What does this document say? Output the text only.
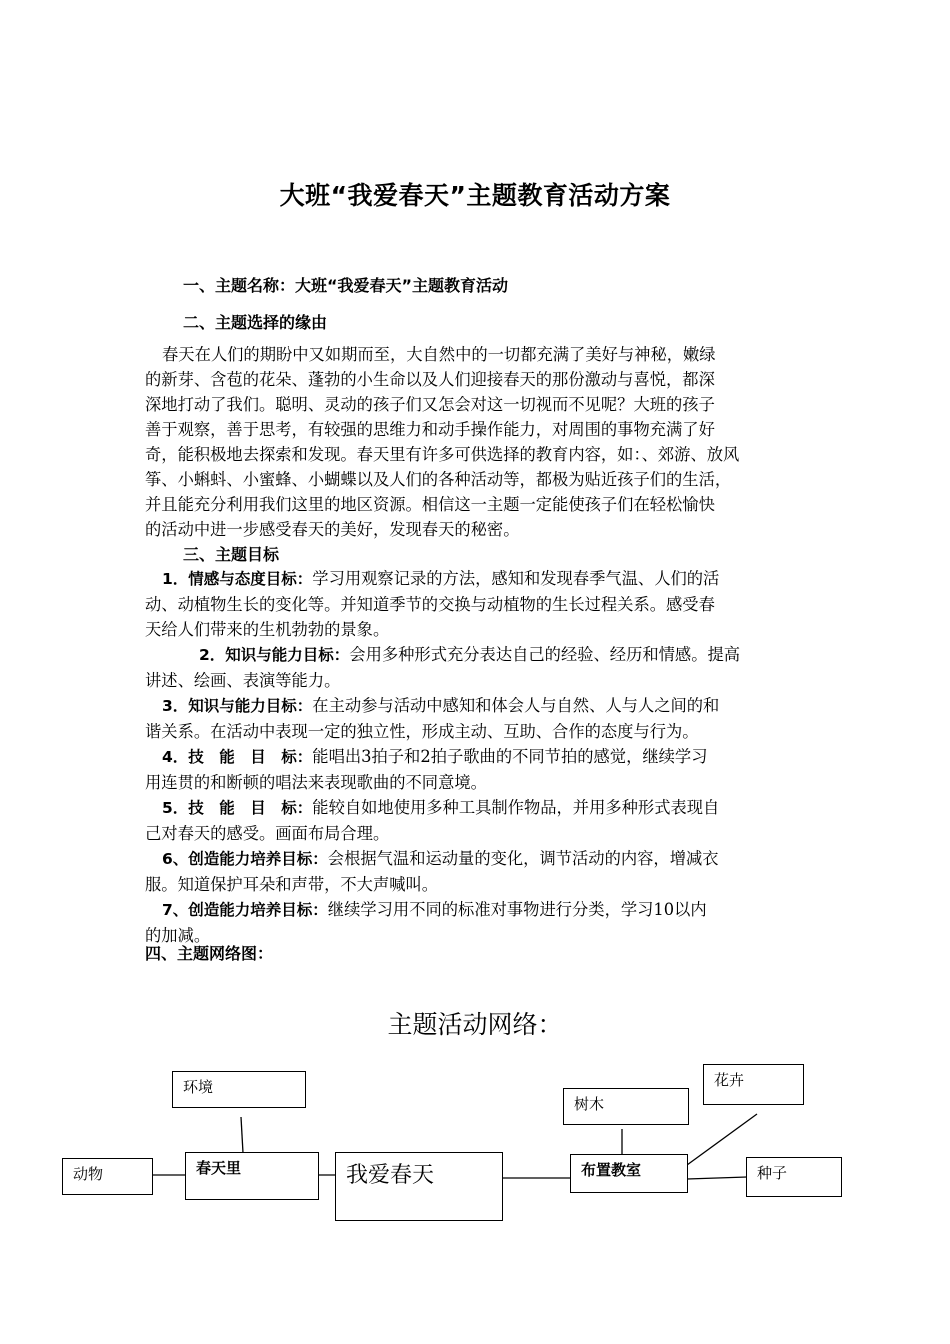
大班“我爱春天”主题教育活动方案
一、主题名称：大班“我爱春天”主题教育活动
二、主题选择的缘由
春天在人们的期盼中又如期而至，大自然中的一切都充满了美好与神秘，嫩绿
的新芽、含苞的花朵、蓬勃的小生命以及人们迎接春天的那份激动与喜悦，都深
深地打动了我们。聪明、灵动的孩子们又怎会对这一切视而不见呢？大班的孩子
善于观察，善于思考，有较强的思维力和动手操作能力，对周围的事物充满了好
奇，能积极地去探索和发现。春天里有许多可供选择的教育内容，如：、郊游、放风
筝、小蝌蚪、小蜜蜂、小蝴蝶以及人们的各种活动等，都极为贴近孩子们的生活，
并且能充分利用我们这里的地区资源。相信这一主题一定能使孩子们在轻松愉快
的活动中进一步感受春天的美好，发现春天的秘密。
三、主题目标
1．情感与态度目标：学习用观察记录的方法，感知和发现春季气温、人们的活
动、动植物生长的变化等。并知道季节的交换与动植物的生长过程关系。感受春
天给人们带来的生机勃勃的景象。
2．知识与能力目标：会用多种形式充分表达自己的经验、经历和情感。提高
讲述、绘画、表演等能力。
3．知识与能力目标：在主动参与活动中感知和体会人与自然、人与人之间的和
谐关系。在活动中表现一定的独立性，形成主动、互助、合作的态度与行为。
4．技　能　目　标：能唱出3拍子和2拍子歌曲的不同节拍的感觉，继续学习
用连贯的和断顿的唱法来表现歌曲的不同意境。
5．技　能　目　标：能较自如地使用多种工具制作物品，并用多种形式表现自
己对春天的感受。画面布局合理。
6、创造能力培养目标：会根据气温和运动量的变化，调节活动的内容，增减衣
服。知道保护耳朵和声带，不大声喊叫。
7、创造能力培养目标：继续学习用不同的标准对事物进行分类，学习10以内
的加减。
四、主题网络图：
主题活动网络：
环境
动物	春天里	我爱春天	布置教室
树木
花卉
种子
